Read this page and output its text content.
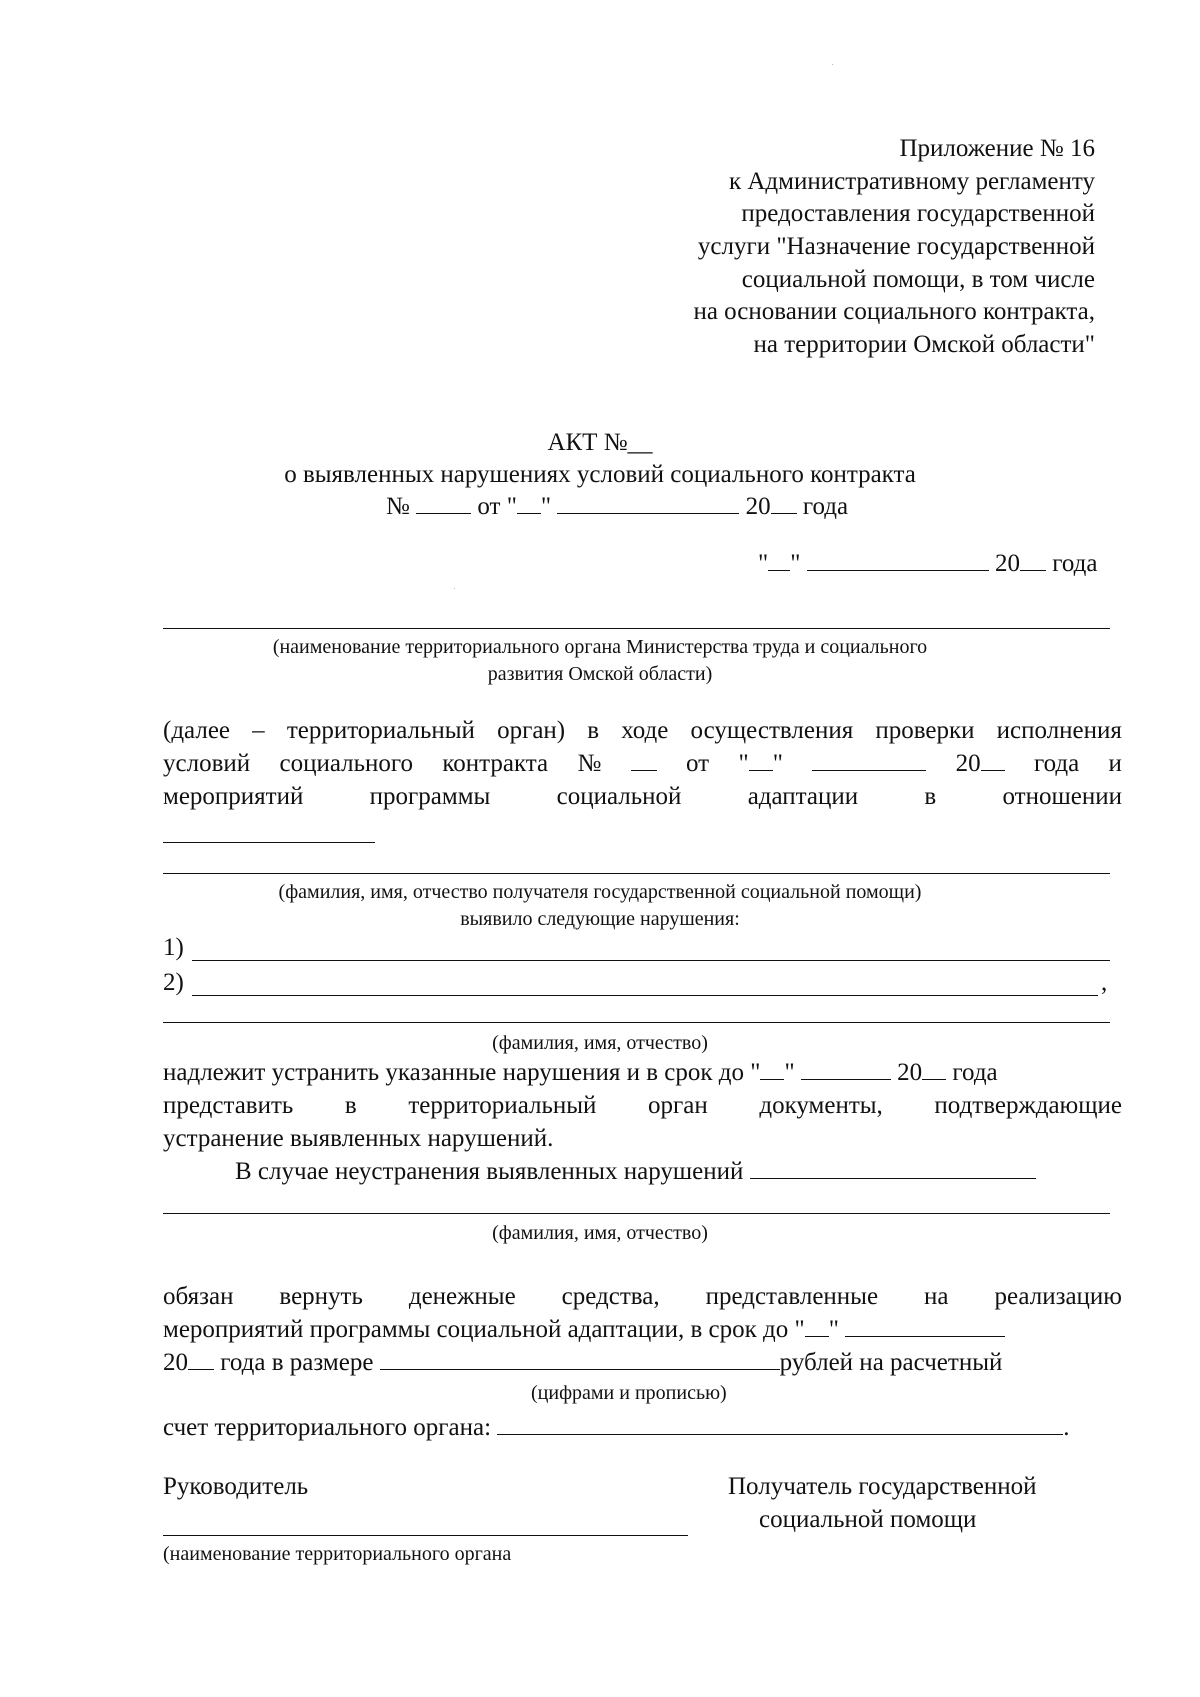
Приложение № 16
к Административному регламенту
предоставления государственной
услуги "Назначение государственной
социальной помощи, в том числе
на основании социального контракта,
на территории Омской области"
АКТ №__
о выявленных нарушениях условий социального контракта
№	от " "	20 года
" "	20 года
(наименование территориального органа Министерства труда и социального
развития Омской области)
(далее – территориальный орган) в ходе осуществления проверки исполнения
условий социального контракта №	от " "	20	года и
мероприятий	программы	социальной	адаптации	в	отношении
(фамилия, имя, отчество получателя государственной социальной помощи)
выявило следующие нарушения:
1)
2)	,
(фамилия, имя, отчество)
надлежит устранить указанные нарушения и в срок до " "	20 года
представить в территориальный орган документы, подтверждающие
устранение выявленных нарушений.
В случае неустранения выявленных нарушений
(фамилия, имя, отчество)
обязан вернуть денежные средства, представленные на реализацию
мероприятий программы социальной адаптации, в срок до " "
20 года в размере	рублей на расчетный
(цифрами и прописью)
счет территориального органа:	.
Руководитель
(наименование территориального органа
Получатель государственной
социальной помощи
